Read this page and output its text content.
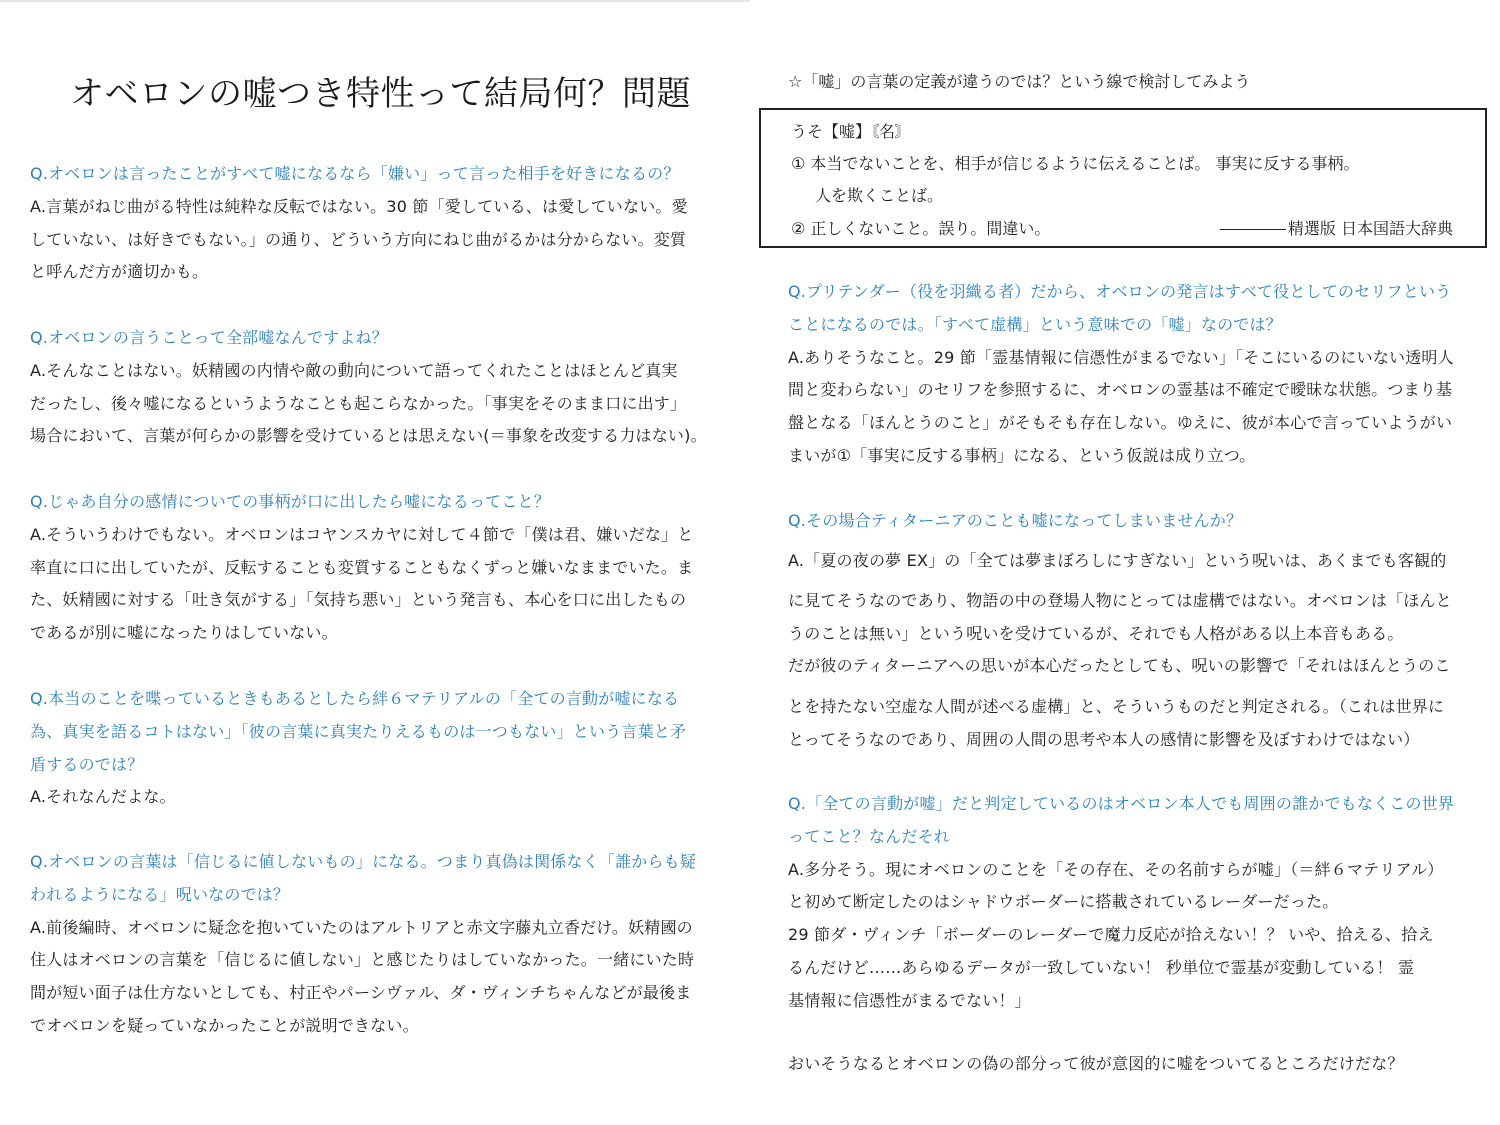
オベロンの嘘つき特性って結局何？問題
Q.オベロンは言ったことがすべて嘘になるなら「嫌い」って言った相手を好きになるの？
A.言葉がねじ曲がる特性は純粋な反転ではない。30 節「愛している、は愛していない。愛
していない、は好きでもない。」の通り、どういう方向にねじ曲がるかは分からない。変質
と呼んだ方が適切かも。
Q.オベロンの言うことって全部嘘なんですよね？
A.そんなことはない。妖精國の内情や敵の動向について語ってくれたことはほとんど真実
だったし、後々嘘になるというようなことも起こらなかった。「事実をそのまま口に出す」
場合において、言葉が何らかの影響を受けているとは思えない(＝事象を改変する力はない)。
Q.じゃあ自分の感情についての事柄が口に出したら嘘になるってこと？
A.そういうわけでもない。オベロンはコヤンスカヤに対して４節で「僕は君、嫌いだな」と
率直に口に出していたが、反転することも変質することもなくずっと嫌いなままでいた。ま
た、妖精國に対する「吐き気がする」「気持ち悪い」という発言も、本心を口に出したもの
であるが別に嘘になったりはしていない。
Q.本当のことを喋っているときもあるとしたら絆６マテリアルの「全ての言動が嘘になる
為、真実を語るコトはない」「彼の言葉に真実たりえるものは一つもない」という言葉と矛
盾するのでは？
A.それなんだよな。
Q.オベロンの言葉は「信じるに値しないもの」になる。つまり真偽は関係なく「誰からも疑
われるようになる」呪いなのでは？
A.前後編時、オベロンに疑念を抱いていたのはアルトリアと赤文字藤丸立香だけ。妖精國の
住人はオベロンの言葉を「信じるに値しない」と感じたりはしていなかった。一緒にいた時
間が短い面子は仕方ないとしても、村正やパーシヴァル、ダ・ヴィンチちゃんなどが最後ま
でオベロンを疑っていなかったことが説明できない。
☆「嘘」の言葉の定義が違うのでは？という線で検討してみよう
うそ【嘘】〘名〙
① 本当でないことを、相手が信じるように伝えることば。 事実に反する事柄。
人を欺くことば。
② 正しくないこと。誤り。間違い。	精選版 日本国語大辞典
Q.プリテンダー（役を羽織る者）だから、オベロンの発言はすべて役としてのセリフという
ことになるのでは。「すべて虚構」という意味での「嘘」なのでは？
A.ありそうなこと。29 節「霊基情報に信憑性がまるでない」「そこにいるのにいない透明人
間と変わらない」のセリフを参照するに、オベロンの霊基は不確定で曖昧な状態。つまり基
盤となる「ほんとうのこと」がそもそも存在しない。ゆえに、彼が本心で言っていようがい
まいが①「事実に反する事柄」になる、という仮説は成り立つ。
Q.その場合ティターニアのことも嘘になってしまいませんか？
A.「夏の夜の夢 EX」の「全ては夢まぼろしにすぎない」という呪いは、あくまでも客観的
に見てそうなのであり、物語の中の登場人物にとっては虚構ではない。オベロンは「ほんと
うのことは無い」という呪いを受けているが、それでも人格がある以上本音もある。
だが彼のティターニアへの思いが本心だったとしても、呪いの影響で「それはほんとうのこ
とを持たない空虚な人間が述べる虚構」と、そういうものだと判定される。（これは世界に
とってそうなのであり、周囲の人間の思考や本人の感情に影響を及ぼすわけではない）
Q.「全ての言動が嘘」だと判定しているのはオベロン本人でも周囲の誰かでもなくこの世界
ってこと？なんだそれ
A.多分そう。現にオベロンのことを「その存在、その名前すらが嘘」（＝絆６マテリアル）
と初めて断定したのはシャドウボーダーに搭載されているレーダーだった。
29 節ダ・ヴィンチ「ボーダーのレーダーで魔力反応が拾えない！？ いや、拾える、拾え
るんだけど……あらゆるデータが一致していない！ 秒単位で霊基が変動している！ 霊
基情報に信憑性がまるでない！」
おいそうなるとオベロンの偽の部分って彼が意図的に嘘をついてるところだけだな？
